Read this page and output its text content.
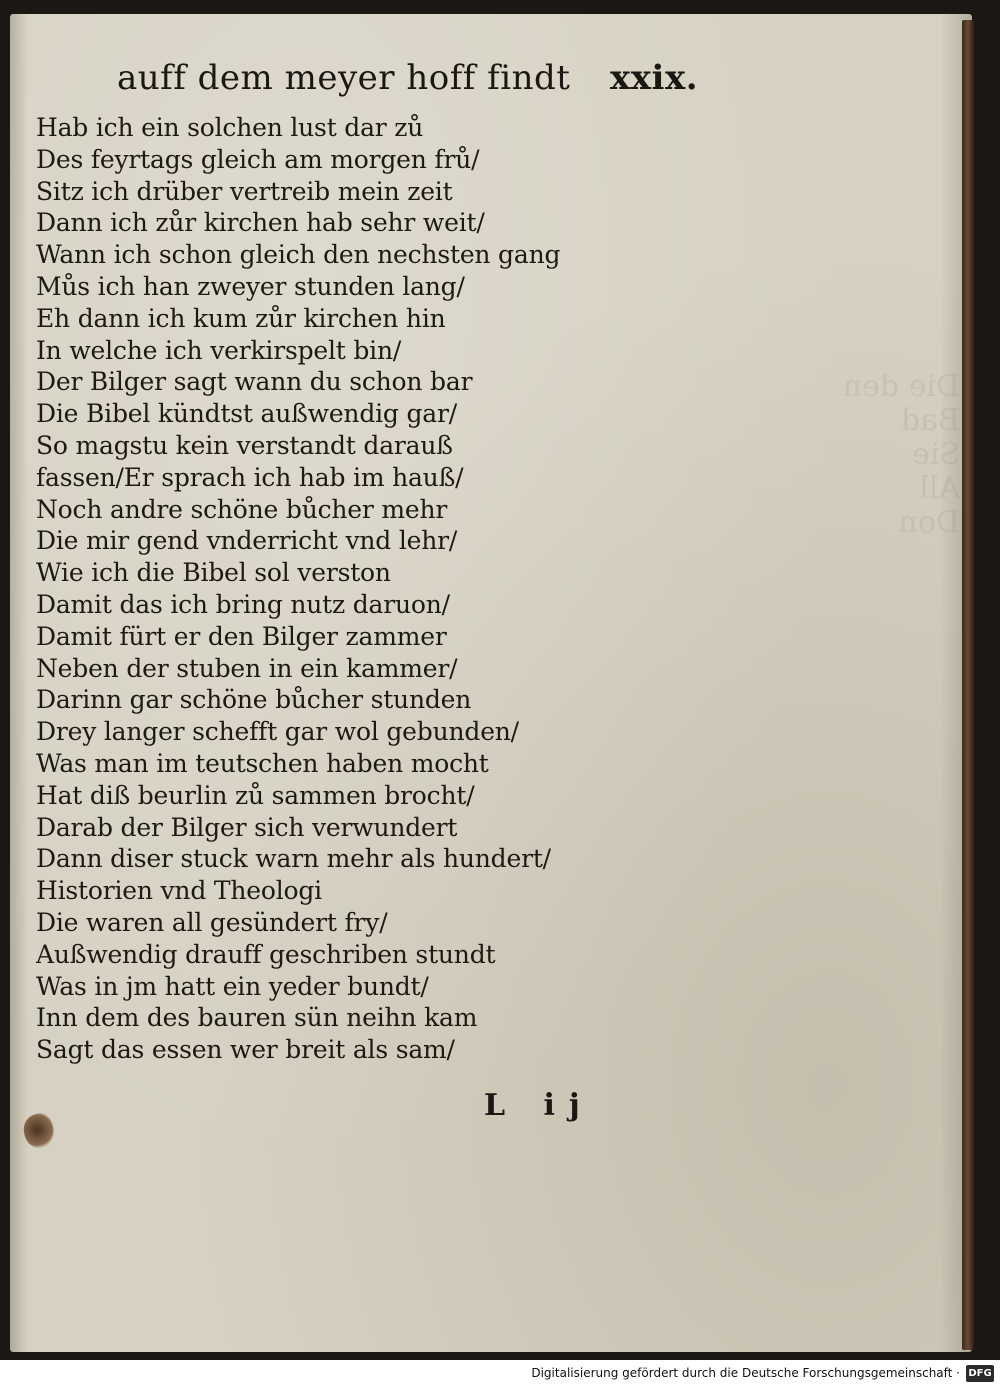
auff dem meyer hoff findt xxix.
Hab ich ein solchen lust dar zů
Des feyrtags gleich am morgen frů/
Sitz ich drüber vertreib mein zeit
Dann ich zůr kirchen hab sehr weit/
Wann ich schon gleich den nechsten gang
Můs ich han zweyer stunden lang/
Eh dann ich kum zůr kirchen hin
In welche ich verkirspelt bin/
Der Bilger sagt wann du schon bar
Die Bibel kündtst außwendig gar/
So magstu kein verstandt darauß
fassen/Er sprach ich hab im hauß/
Noch andre schöne bůcher mehr
Die mir gend vnderricht vnd lehr/
Wie ich die Bibel sol verston
Damit das ich bring nutz daruon/
Damit fürt er den Bilger zammer
Neben der stuben in ein kammer/
Darinn gar schöne bůcher stunden
Drey langer schefft gar wol gebunden/
Was man im teutschen haben mocht
Hat diß beurlin zů sammen brocht/
Darab der Bilger sich verwundert
Dann diser stuck warn mehr als hundert/
Historien vnd Theologi
Die waren all gesündert fry/
Außwendig drauff geschriben stundt
Was in jm hatt ein yeder bundt/
Inn dem des bauren sün neihn kam
Sagt das essen wer breit als sam/
L ij
Digitalisierung gefördert durch die Deutsche Forschungsgemeinschaft · DFG
